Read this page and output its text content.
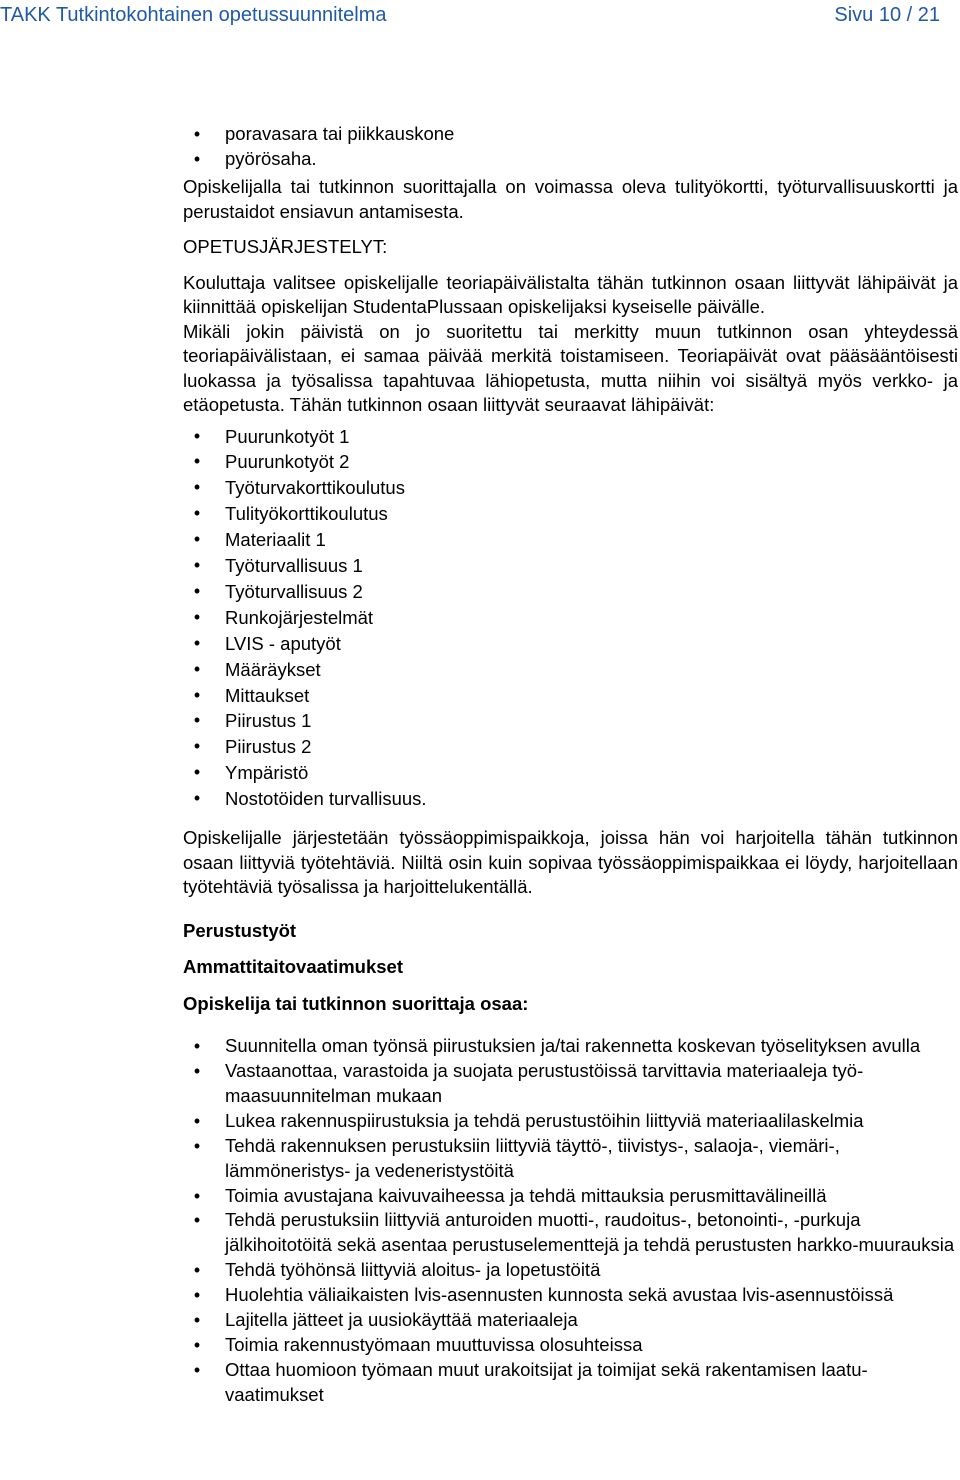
TAKK Tutkintokohtainen opetussuunnitelma	Sivu 10 / 21
• poravasara tai piikkauskone
• pyörösaha.

Opiskelijalla tai tutkinnon suorittajalla on voimassa oleva tulityökortti, työturvallisuuskortti ja perustaidot ensiavun antamisesta.

OPETUSJÄRJESTELYT:

Kouluttaja valitsee opiskelijalle teoriapäivälistalta tähän tutkinnon osaan liittyvät lähipäivät ja kiinnittää opiskelijan StudentaPlussaan opiskelijaksi kyseiselle päivälle.

Mikäli jokin päivistä on jo suoritettu tai merkitty muun tutkinnon osan yhteydessä teoriapäivälistaan, ei samaa päivää merkitä toistamiseen. Teoriapäivät ovat pääsääntöisesti luokassa ja työsalissa tapahtuvaa lähiopetusta, mutta niihin voi sisältyä myös verkko- ja etäopetusta. Tähän tutkinnon osaan liittyvät seuraavat lähipäivät:

• Puurunkotyöt 1
• Puurunkotyöt 2
• Työturvakorttikoulutus
• Tulityökorttikoulutus
• Materiaalit 1
• Työturvallisuus 1
• Työturvallisuus 2
• Runkojärjestelmät
• LVIS - aputyöt
• Määräykset
• Mittaukset
• Piirustus 1
• Piirustus 2
• Ympäristö
• Nostotöiden turvallisuus.

Opiskelijalle järjestetään työssäoppimispaikkoja, joissa hän voi harjoitella tähän tutkinnon osaan liittyviä työtehtäviä. Niiltä osin kuin sopivaa työssäoppimispaikkaa ei löydy, harjoitellaan työtehtäviä työsalissa ja harjoittelukentällä.

Perustustyöt

Ammattitaitovaatimukset

Opiskelija tai tutkinnon suorittaja osaa:

• Suunnitella oman työnsä piirustuksien ja/tai rakennetta koskevan työselityksen avulla
• Vastaanottaa, varastoida ja suojata perustustöissä tarvittavia materiaaleja työmaasuunnitelman mukaan
• Lukea rakennuspiirustuksia ja tehdä perustustöihin liittyviä materiaalilaskelmia
• Tehdä rakennuksen perustuksiin liittyviä täyttö-, tiivistys-, salaoja-, viemäri-, lämmöneristys- ja vedeneristystöitä
• Toimia avustajana kaivuvaiheessa ja tehdä mittauksia perusmittavälineillä
• Tehdä perustuksiin liittyviä anturoiden muotti-, raudoitus-, betonointi-, -purkuja jälkihoitotöitä sekä asentaa perustuselementtejä ja tehdä perustusten harkko-muurauksia
• Tehdä työhönsä liittyviä aloitus- ja lopetustöitä
• Huolehtia väliaikaisten lvis-asennusten kunnosta sekä avustaa lvis-asennustöissä
• Lajitella jätteet ja uusiokäyttää materiaaleja
• Toimia rakennustyömaan muuttuvissa olosuhteissa
• Ottaa huomioon työmaan muut urakoitsijat ja toimijat sekä rakentamisen laatuvaatimukset
